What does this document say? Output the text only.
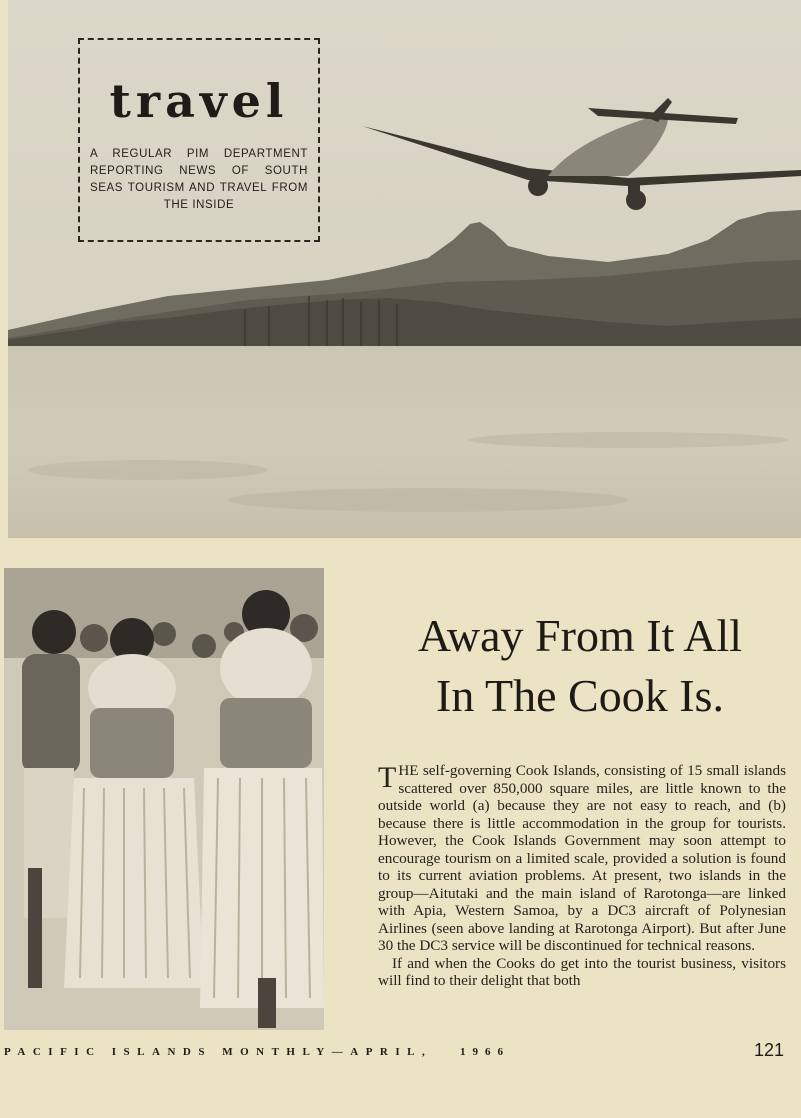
travel
A REGULAR PIM DEPARTMENT REPORTING NEWS OF SOUTH SEAS TOURISM AND TRAVEL FROM THE INSIDE
Away From It All
In The Cook Is.

THE self-governing Cook Islands, consisting of 15 small islands scattered over 850,000 square miles, are little known to the outside world (a) because they are not easy to reach, and (b) because there is little accommodation in the group for tourists. However, the Cook Islands Government may soon attempt to encourage tourism on a limited scale, provided a solution is found to its current aviation problems. At present, two islands in the group—Aitutaki and the main island of Rarotonga—are linked with Apia, Western Samoa, by a DC3 aircraft of Polynesian Airlines (seen above landing at Rarotonga Airport). But after June 30 the DC3 service will be discontinued for technical reasons.

If and when the Cooks do get into the tourist business, visitors will find to their delight that both

PACIFIC ISLANDS MONTHLY—APRIL,	1966	121
